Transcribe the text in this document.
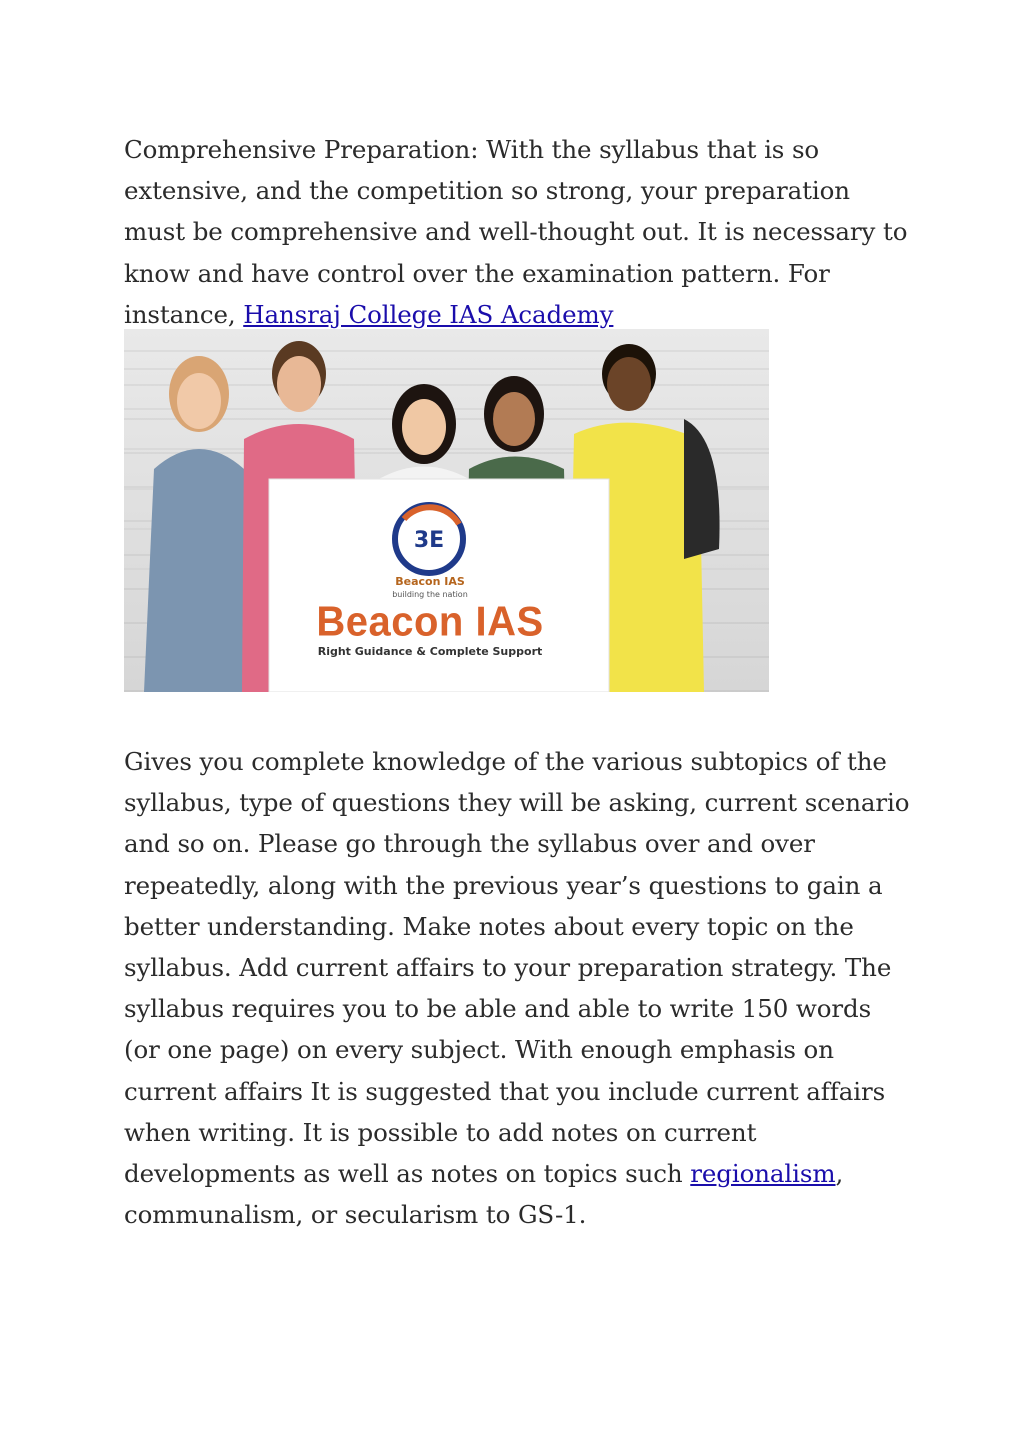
Comprehensive Preparation: With the syllabus that is so extensive, and the competition so strong, your preparation must be comprehensive and well-thought out. It is necessary to know and have control over the examination pattern. For instance, Hansraj College IAS Academy

3E
Beacon IAS
building the nation
Beacon IAS
Right Guidance & Complete Support

Gives you complete knowledge of the various subtopics of the syllabus, type of questions they will be asking, current scenario and so on. Please go through the syllabus over and over repeatedly, along with the previous year’s questions to gain a better understanding. Make notes about every topic on the syllabus. Add current affairs to your preparation strategy. The syllabus requires you to be able and able to write 150 words (or one page) on every subject. With enough emphasis on current affairs It is suggested that you include current affairs when writing. It is possible to add notes on current developments as well as notes on topics such regionalism, communalism, or secularism to GS-1.
